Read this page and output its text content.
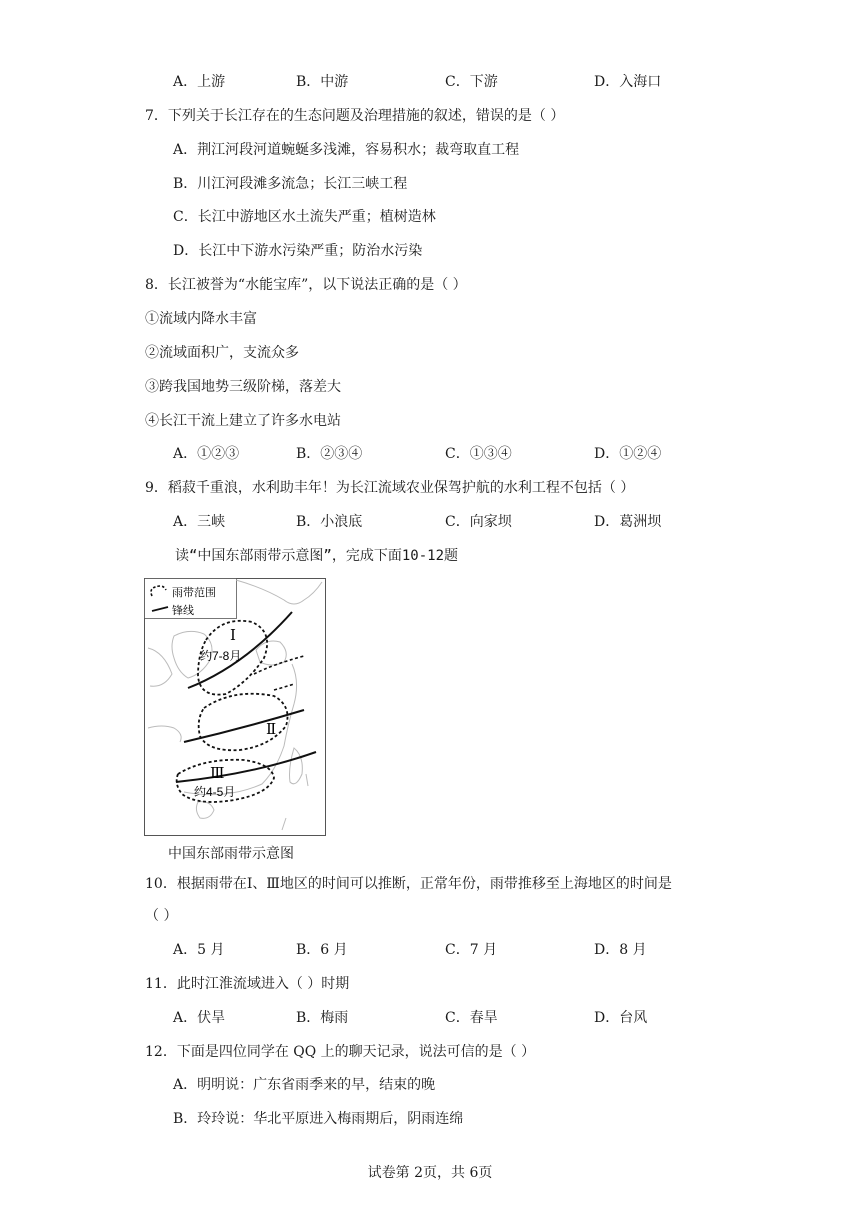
A．上游	B．中游	C．下游	D．入海口
7．下列关于长江存在的生态问题及治理措施的叙述，错误的是（ ）
A．荆江河段河道蜿蜒多浅滩，容易积水；裁弯取直工程
B．川江河段滩多流急；长江三峡工程
C．长江中游地区水土流失严重；植树造林
D．长江中下游水污染严重；防治水污染
8．长江被誉为“水能宝库”，以下说法正确的是（ ）
①流域内降水丰富
②流域面积广，支流众多
③跨我国地势三级阶梯，落差大
④长江干流上建立了许多水电站
A．①②③	B．②③④	C．①③④	D．①②④
9．稻菽千重浪，水利助丰年！为长江流域农业保驾护航的水利工程不包括（ ）
A．三峡	B．小浪底	C．向家坝	D．葛洲坝
读“中国东部雨带示意图”，完成下面10-12题
雨带范围
锋线
Ⅰ
约7-8月
Ⅱ
Ⅲ
约4-5月
中国东部雨带示意图
10．根据雨带在Ⅰ、Ⅲ地区的时间可以推断，正常年份，雨带推移至上海地区的时间是
（ ）
A．5 月	B．6 月	C．7 月	D．8 月
11．此时江淮流域进入（ ）时期
A．伏旱	B．梅雨	C．春旱	D．台风
12．下面是四位同学在 QQ 上的聊天记录，说法可信的是（ ）
A．明明说：广东省雨季来的早，结束的晚
B．玲玲说：华北平原进入梅雨期后，阴雨连绵
试卷第 2页，共 6页
